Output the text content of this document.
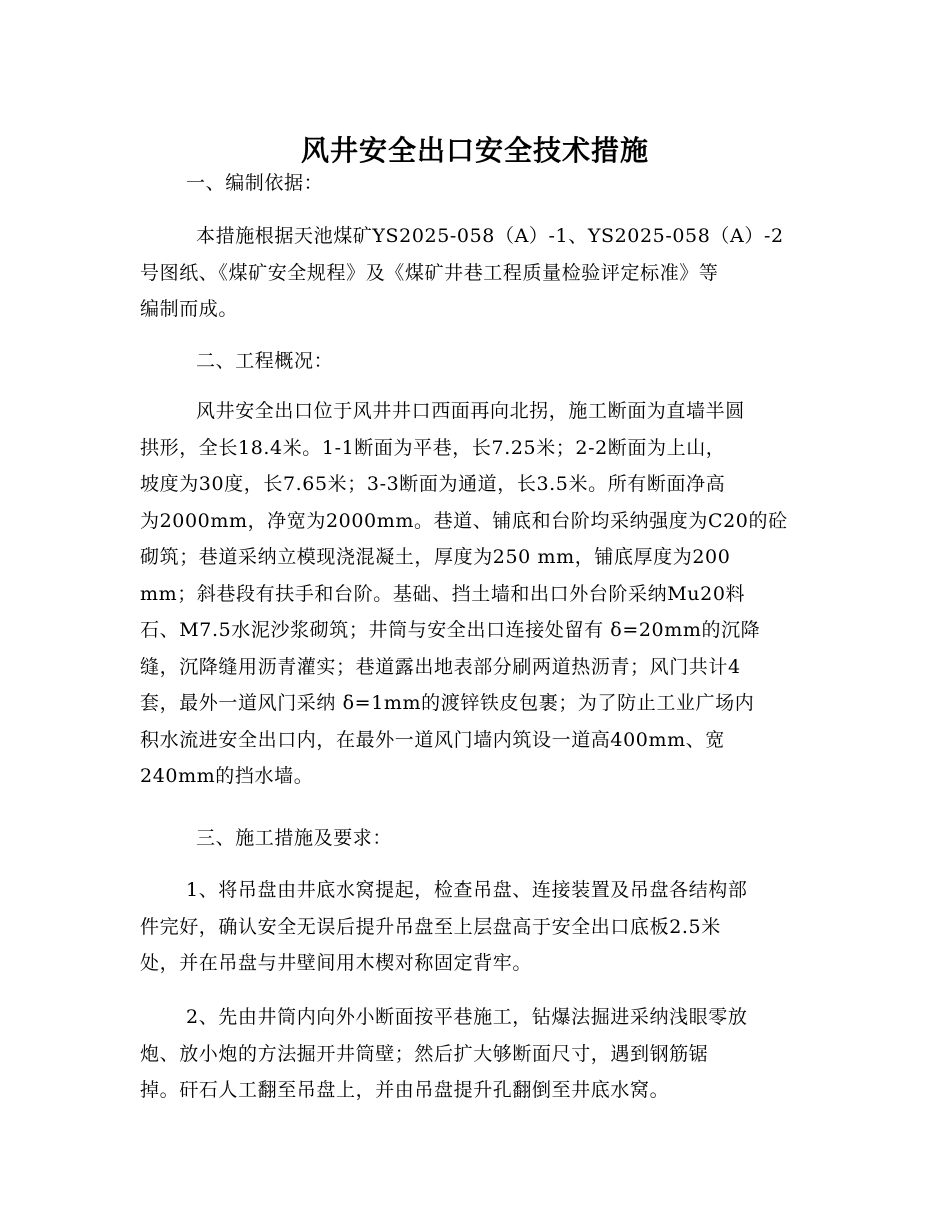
风井安全出口安全技术措施

一、编制依据：

本措施根据天池煤矿YS2025-058（A）-1、YS2025-058（A）-2
号图纸、《煤矿安全规程》及《煤矿井巷工程质量检验评定标准》等
编制而成。

二、工程概况：

风井安全出口位于风井井口西面再向北拐，施工断面为直墙半圆
拱形，全长18.4米。1-1断面为平巷，长7.25米；2-2断面为上山，
坡度为30度，长7.65米；3-3断面为通道，长3.5米。所有断面净高
为2000mm，净宽为2000mm。巷道、铺底和台阶均采纳强度为C20的砼
砌筑；巷道采纳立模现浇混凝土，厚度为250 mm，铺底厚度为200
mm；斜巷段有扶手和台阶。基础、挡土墙和出口外台阶采纳Mu20料
石、M7.5水泥沙浆砌筑；井筒与安全出口连接处留有 δ=20mm的沉降
缝，沉降缝用沥青灌实；巷道露出地表部分刷两道热沥青；风门共计4
套，最外一道风门采纳 δ=1mm的渡锌铁皮包裹；为了防止工业广场内
积水流进安全出口内，在最外一道风门墙内筑设一道高400mm、宽
240mm的挡水墙。

三、施工措施及要求：

1、将吊盘由井底水窝提起，检查吊盘、连接装置及吊盘各结构部
件完好，确认安全无误后提升吊盘至上层盘高于安全出口底板2.5米
处，并在吊盘与井壁间用木楔对称固定背牢。
2、先由井筒内向外小断面按平巷施工，钻爆法掘进采纳浅眼零放
炮、放小炮的方法掘开井筒壁；然后扩大够断面尺寸，遇到钢筋锯
掉。矸石人工翻至吊盘上，并由吊盘提升孔翻倒至井底水窝。
